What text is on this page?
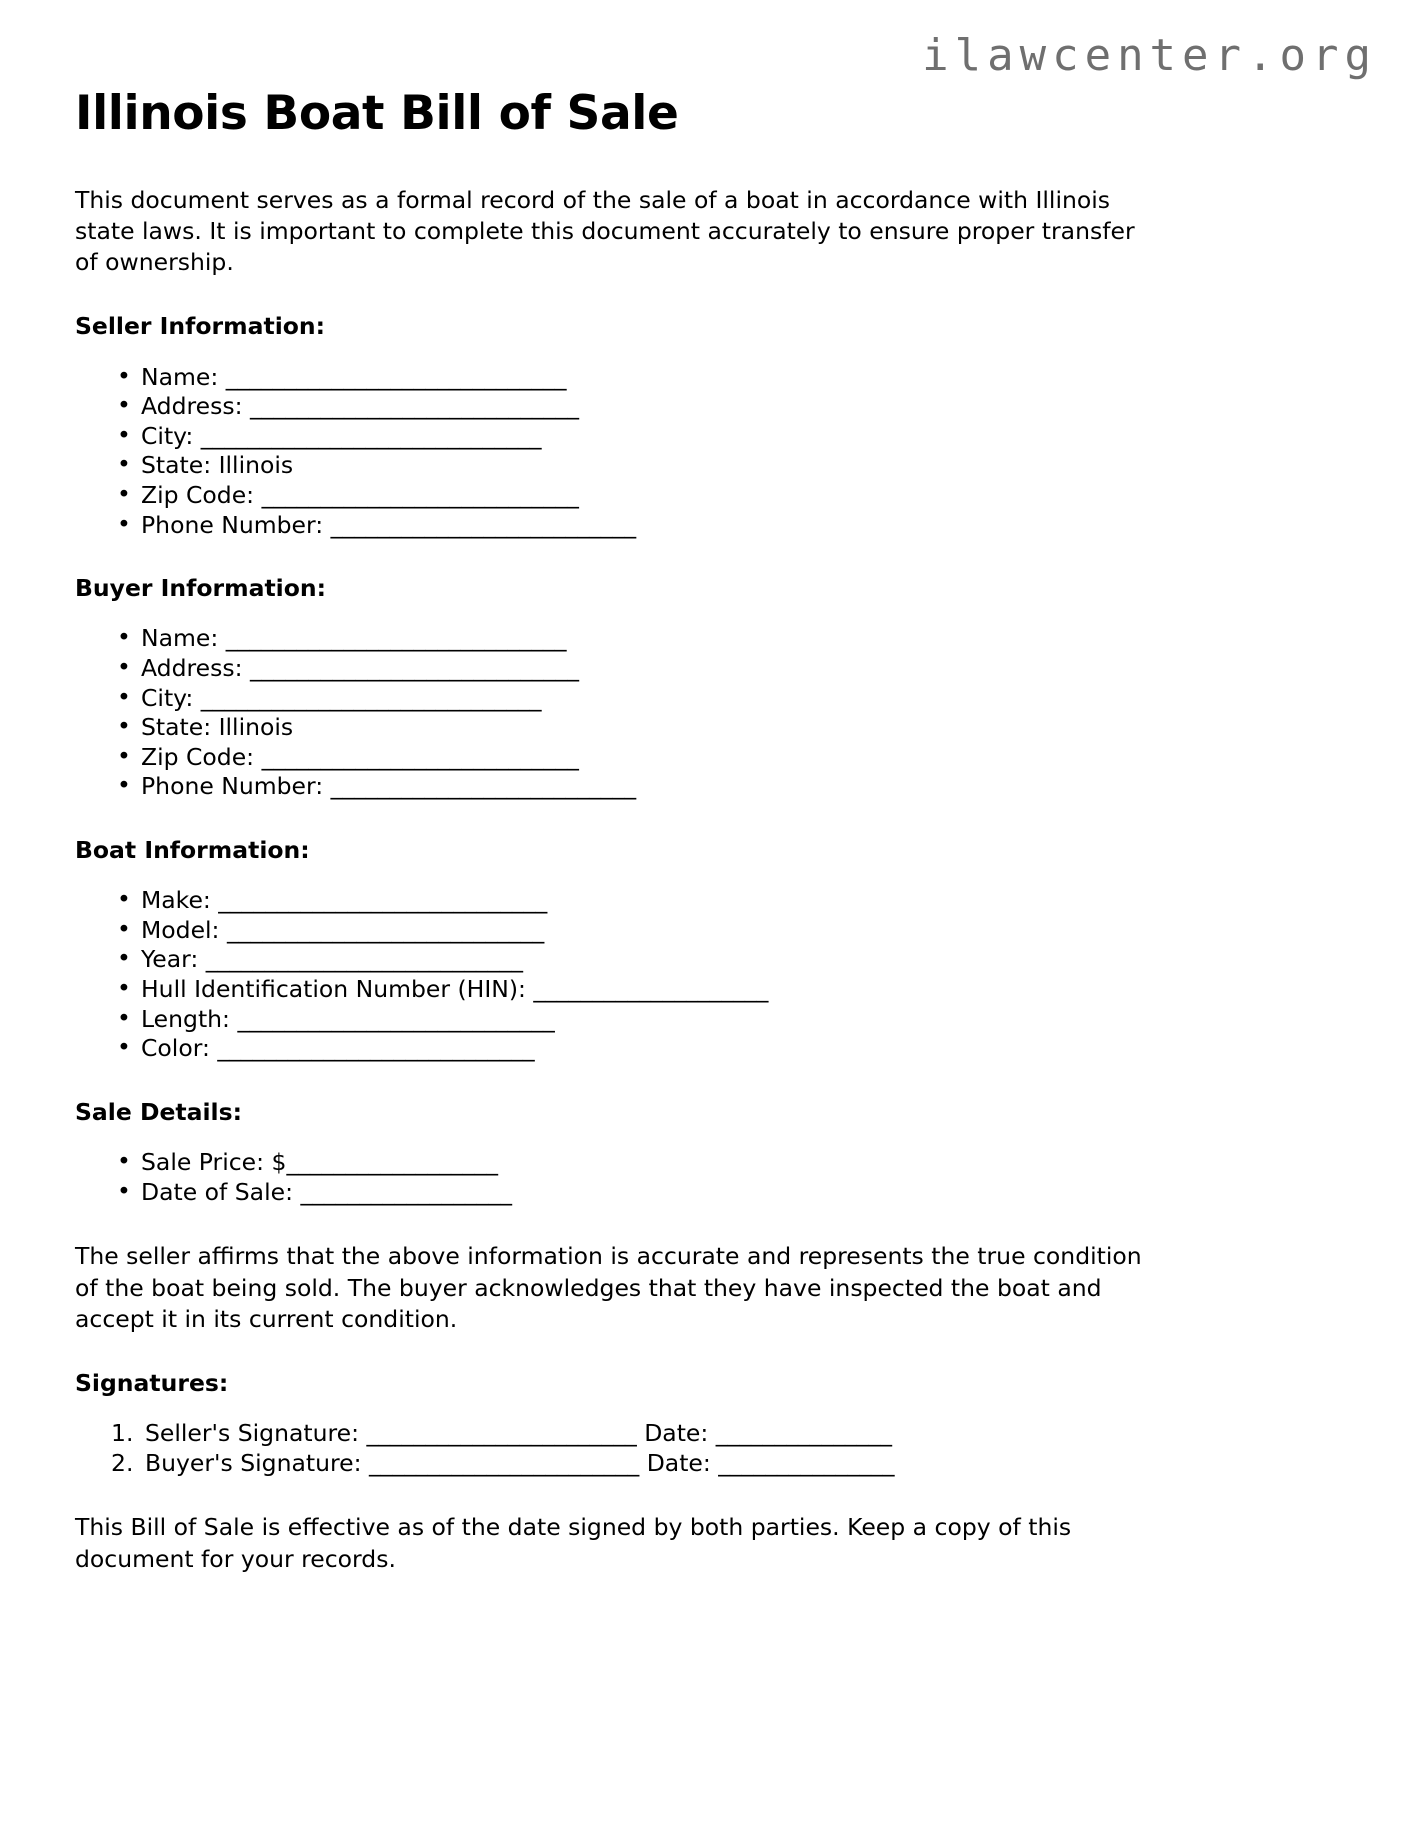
ilawcenter.org
Illinois Boat Bill of Sale

This document serves as a formal record of the sale of a boat in accordance with Illinois state laws. It is important to complete this document accurately to ensure proper transfer of ownership.

Seller Information:
• Name: _____________________________
• Address: ____________________________
• City: _____________________________
• State: Illinois
• Zip Code: ___________________________
• Phone Number: __________________________
Buyer Information:
• Name: _____________________________
• Address: ____________________________
• City: _____________________________
• State: Illinois
• Zip Code: ___________________________
• Phone Number: __________________________
Boat Information:
• Make: ____________________________
• Model: ___________________________
• Year: ___________________________
• Hull Identification Number (HIN): ____________________
• Length: ___________________________
• Color: ___________________________
Sale Details:
• Sale Price: $__________________
• Date of Sale: __________________

The seller affirms that the above information is accurate and represents the true condition of the boat being sold. The buyer acknowledges that they have inspected the boat and accept it in its current condition.

Signatures:
Seller's Signature: _______________________ Date: _______________
Buyer's Signature: _______________________ Date: _______________

This Bill of Sale is effective as of the date signed by both parties. Keep a copy of this document for your records.
